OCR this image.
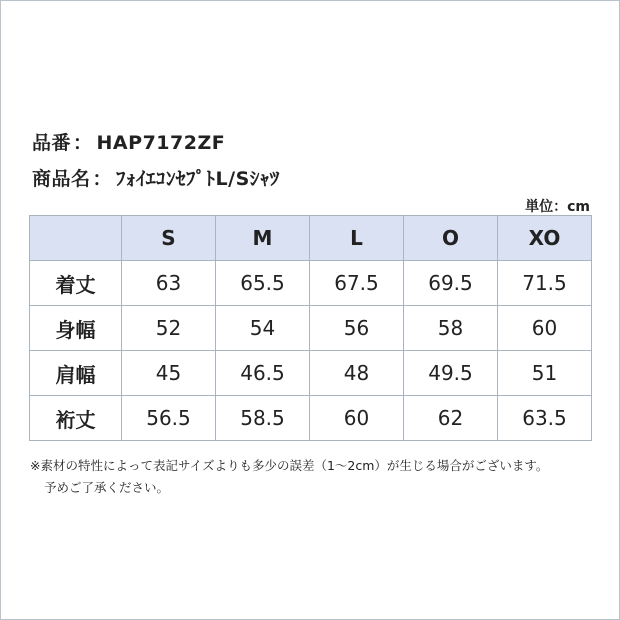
品番 ： HAP7172ZF
商品名 ： ﾌｫｲｴｺﾝｾﾌﾟﾄL/Sｼｬﾂ
単位：cm
	S	M	L	O	XO
着丈	63	65.5	67.5	69.5	71.5
身幅	52	54	56	58	60
肩幅	45	46.5	48	49.5	51
裄丈	56.5	58.5	60	62	63.5
※素材の特性によって表記サイズよりも多少の誤差（1～2cm）が生じる場合がございます。
予めご了承ください。
